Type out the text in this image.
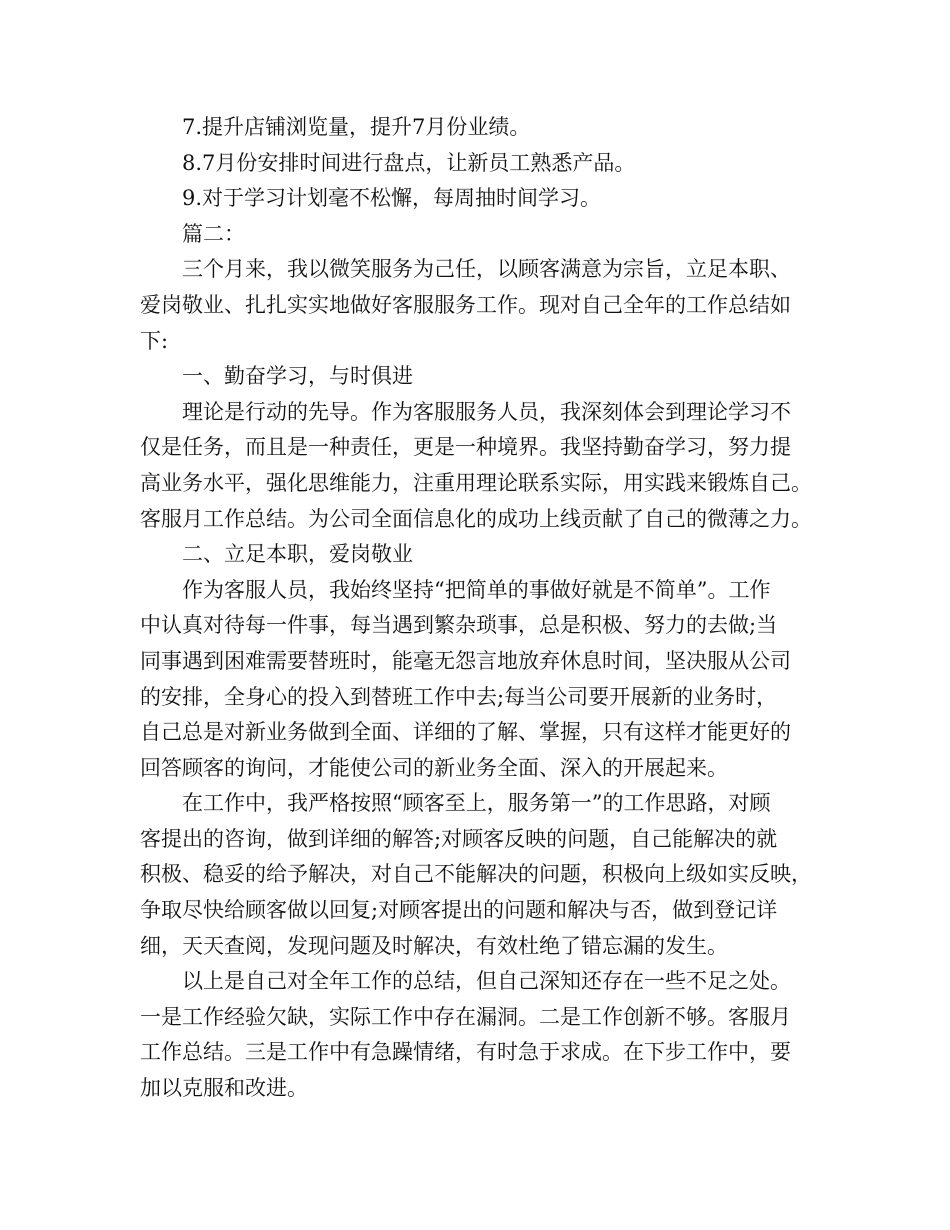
7.提升店铺浏览量，提升7月份业绩。
8.7月份安排时间进行盘点，让新员工熟悉产品。
9.对于学习计划毫不松懈，每周抽时间学习。
篇二：
三个月来，我以微笑服务为己任，以顾客满意为宗旨，立足本职、
爱岗敬业、扎扎实实地做好客服服务工作。现对自己全年的工作总结如
下:
一、勤奋学习，与时俱进
理论是行动的先导。作为客服服务人员，我深刻体会到理论学习不
仅是任务，而且是一种责任，更是一种境界。我坚持勤奋学习，努力提
高业务水平，强化思维能力，注重用理论联系实际，用实践来锻炼自己。
客服月工作总结。为公司全面信息化的成功上线贡献了自己的微薄之力。
二、立足本职，爱岗敬业
作为客服人员，我始终坚持“把简单的事做好就是不简单”。工作
中认真对待每一件事，每当遇到繁杂琐事，总是积极、努力的去做;当
同事遇到困难需要替班时，能毫无怨言地放弃休息时间，坚决服从公司
的安排，全身心的投入到替班工作中去;每当公司要开展新的业务时，
自己总是对新业务做到全面、详细的了解、掌握，只有这样才能更好的
回答顾客的询问，才能使公司的新业务全面、深入的开展起来。
在工作中，我严格按照“顾客至上，服务第一”的工作思路，对顾
客提出的咨询，做到详细的解答;对顾客反映的问题，自己能解决的就
积极、稳妥的给予解决，对自己不能解决的问题，积极向上级如实反映，
争取尽快给顾客做以回复;对顾客提出的问题和解决与否，做到登记详
细，天天查阅，发现问题及时解决，有效杜绝了错忘漏的发生。
以上是自己对全年工作的总结，但自己深知还存在一些不足之处。
一是工作经验欠缺，实际工作中存在漏洞。二是工作创新不够。客服月
工作总结。三是工作中有急躁情绪，有时急于求成。在下步工作中，要
加以克服和改进。
